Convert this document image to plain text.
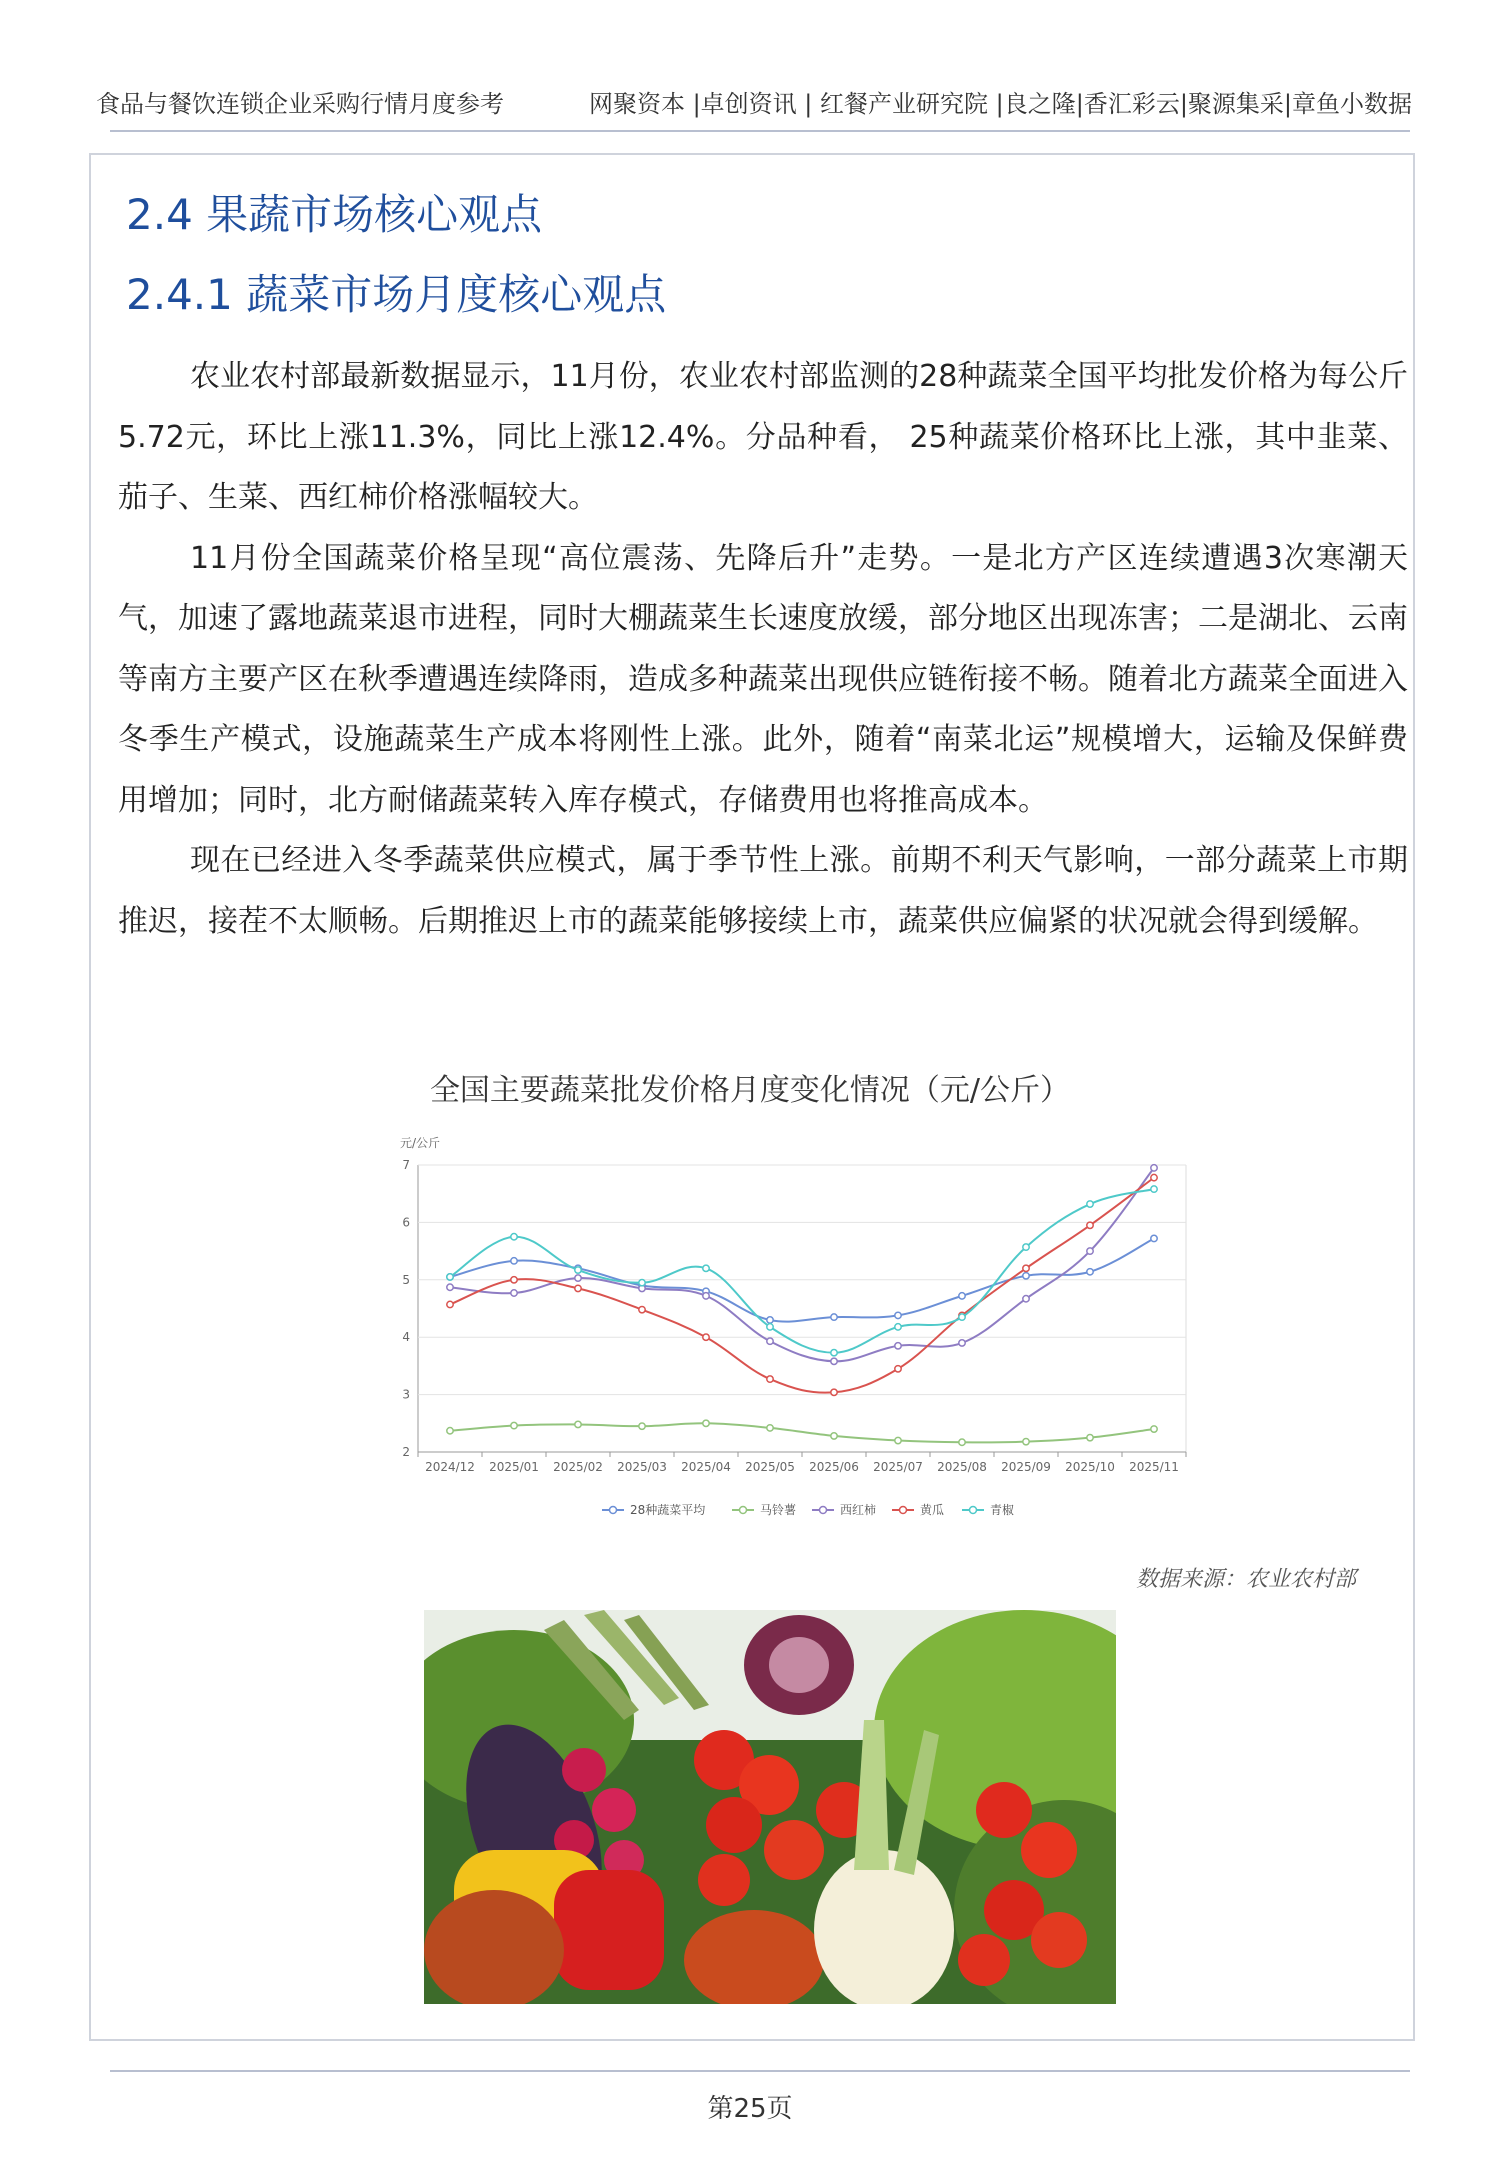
食品与餐饮连锁企业采购行情月度参考	网聚资本 |卓创资讯 | 红餐产业研究院 |良之隆|香汇彩云|聚源集采|章鱼小数据
2.4 果蔬市场核心观点
2.4.1 蔬菜市场月度核心观点

农业农村部最新数据显示，11月份，农业农村部监测的28种蔬菜全国平均批发价格为每公斤5.72元，环比上涨11.3%，同比上涨12.4%。分品种看， 25种蔬菜价格环比上涨，其中韭菜、茄子、生菜、西红柿价格涨幅较大。

11月份全国蔬菜价格呈现“高位震荡、先降后升”走势。一是北方产区连续遭遇3次寒潮天气，加速了露地蔬菜退市进程，同时大棚蔬菜生长速度放缓，部分地区出现冻害；二是湖北、云南等南方主要产区在秋季遭遇连续降雨，造成多种蔬菜出现供应链衔接不畅。随着北方蔬菜全面进入冬季生产模式，设施蔬菜生产成本将刚性上涨。此外，随着“南菜北运”规模增大，运输及保鲜费用增加；同时，北方耐储蔬菜转入库存模式，存储费用也将推高成本。

现在已经进入冬季蔬菜供应模式，属于季节性上涨。前期不利天气影响，一部分蔬菜上市期推迟，接茬不太顺畅。后期推迟上市的蔬菜能够接续上市，蔬菜供应偏紧的状况就会得到缓解。

全国主要蔬菜批发价格月度变化情况（元/公斤）
元/公斤
2
3
4
5
6
7
2024/12 2025/01 2025/02 2025/03 2025/04 2025/05 2025/06 2025/07 2025/08 2025/09 2025/10 2025/11
28种蔬菜平均	马铃薯	西红柿	黄瓜	青椒
数据来源：农业农村部
第25页
